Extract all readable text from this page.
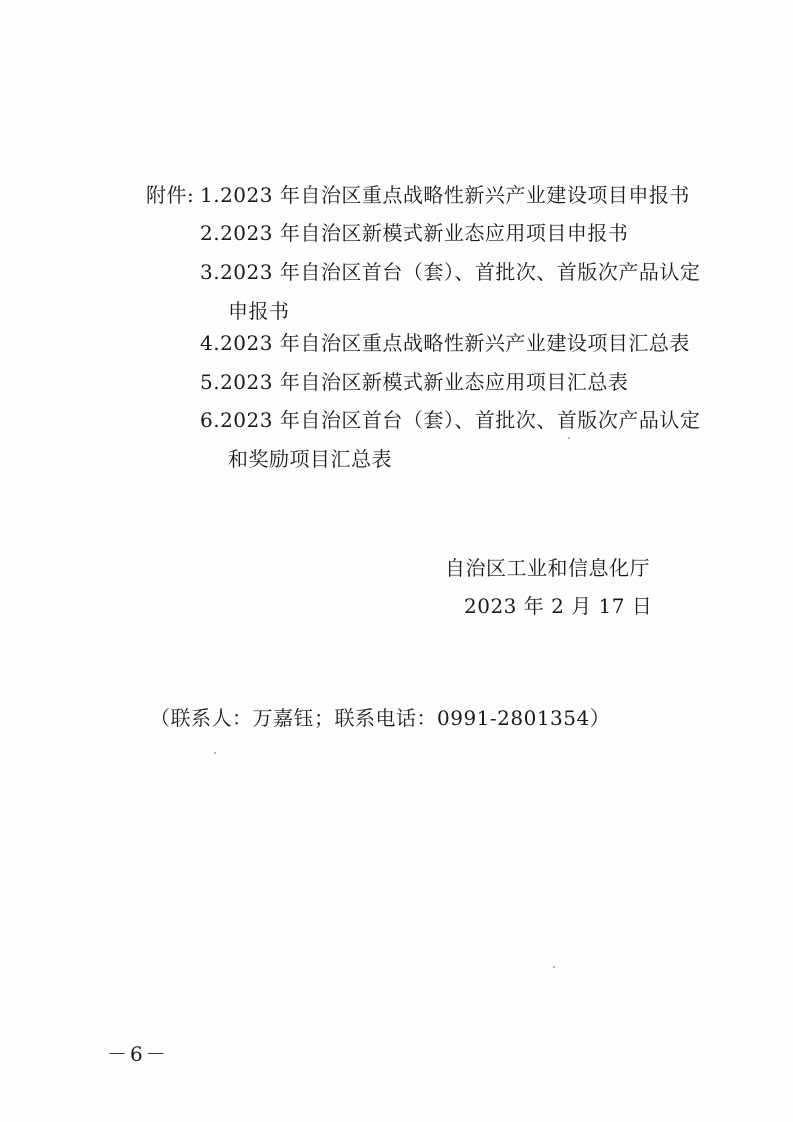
附件: 1.2023 年自治区重点战略性新兴产业建设项目申报书
2.2023 年自治区新模式新业态应用项目申报书
3.2023 年自治区首台（套）、首批次、首版次产品认定
申报书
4.2023 年自治区重点战略性新兴产业建设项目汇总表
5.2023 年自治区新模式新业态应用项目汇总表
6.2023 年自治区首台（套）、首批次、首版次产品认定
和奖励项目汇总表
自治区工业和信息化厅
2023 年 2 月 17 日
（联系人：万嘉钰；联系电话：0991-2801354）
－6－
